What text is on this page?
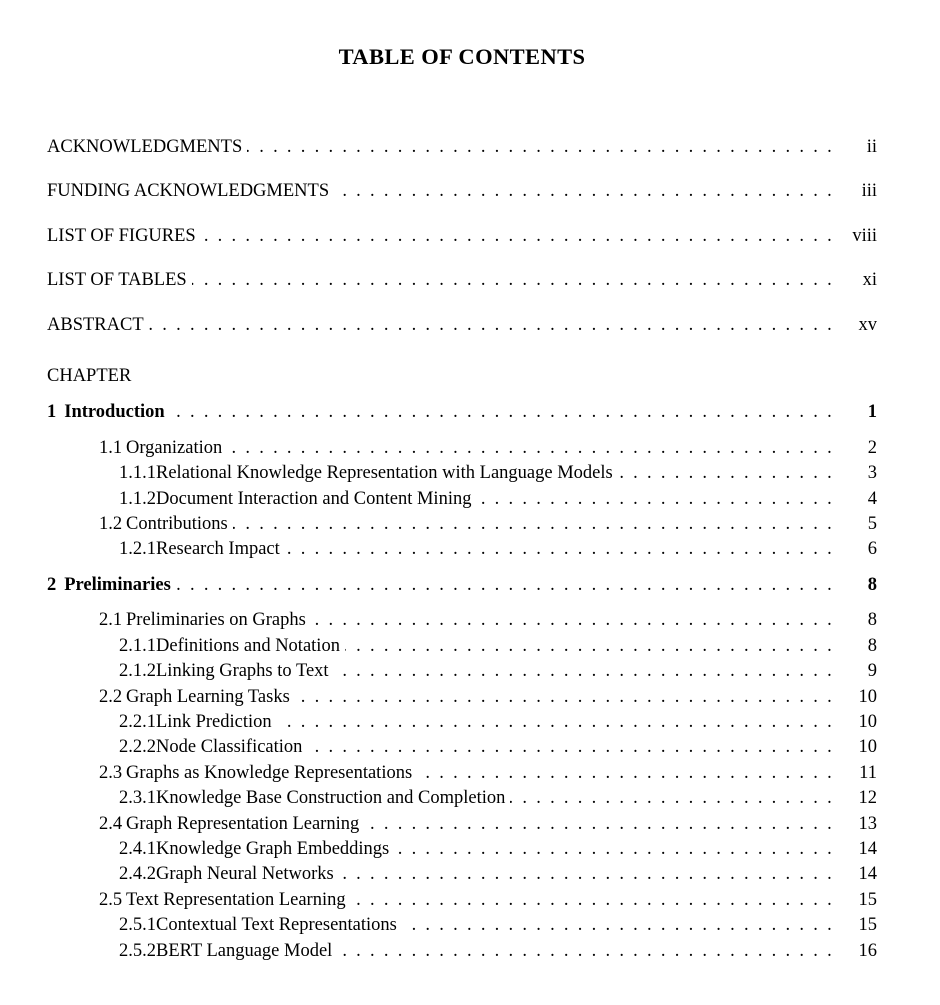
TABLE OF CONTENTS
ACKNOWLEDGMENTS . . .	ii
FUNDING ACKNOWLEDGMENTS . . .	iii
LIST OF FIGURES . . .	viii
LIST OF TABLES . . .	xi
ABSTRACT . . .	xv
CHAPTER
1 Introduction . . .	1
1.1 Organization . . .	2
1.1.1 Relational Knowledge Representation with Language Models . . .	3
1.1.2 Document Interaction and Content Mining . . .	4
1.2 Contributions . . .	5
1.2.1 Research Impact . . .	6
2 Preliminaries . . .	8
2.1 Preliminaries on Graphs . . .	8
2.1.1 Definitions and Notation . . .	8
2.1.2 Linking Graphs to Text . . .	9
2.2 Graph Learning Tasks . . .	10
2.2.1 Link Prediction . . .	10
2.2.2 Node Classification . . .	10
2.3 Graphs as Knowledge Representations . . .	11
2.3.1 Knowledge Base Construction and Completion . . .	12
2.4 Graph Representation Learning . . .	13
2.4.1 Knowledge Graph Embeddings . . .	14
2.4.2 Graph Neural Networks . . .	14
2.5 Text Representation Learning . . .	15
2.5.1 Contextual Text Representations . . .	15
2.5.2 BERT Language Model . . .	16
